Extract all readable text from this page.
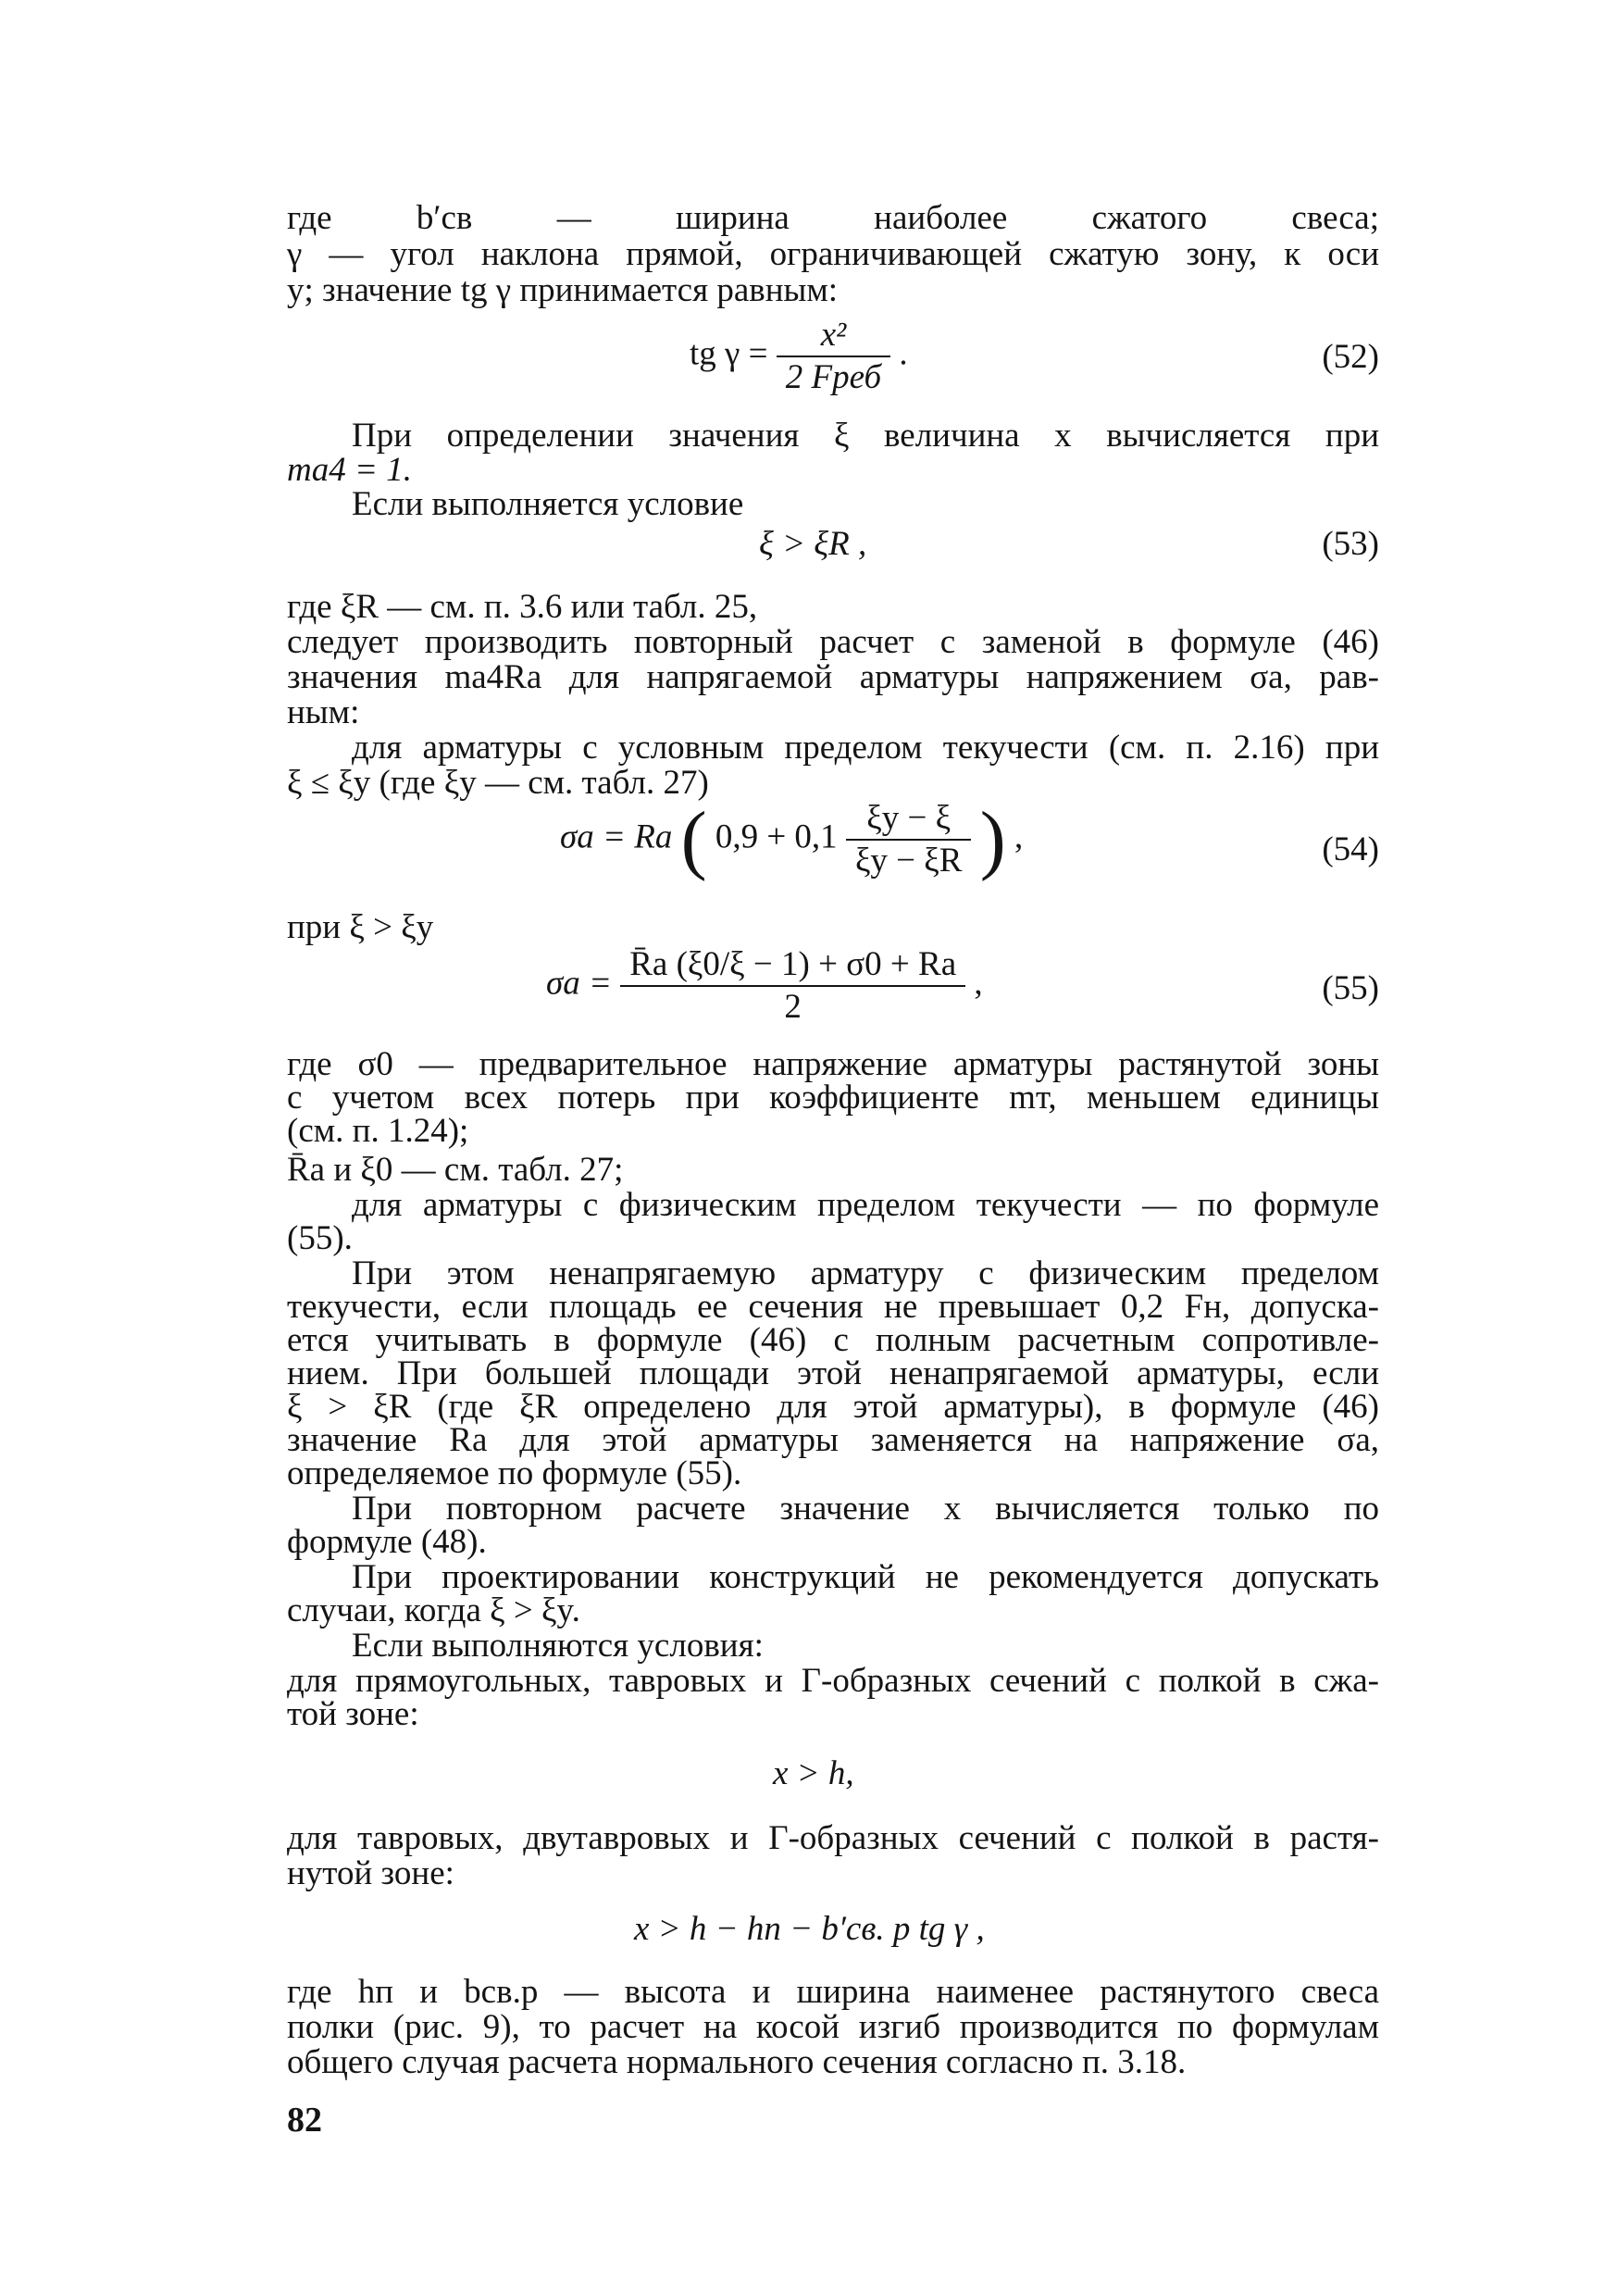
где b′св — ширина наиболее сжатого свеса;
γ — угол наклона прямой, ограничивающей сжатую зону, к оси
y; значение tg γ принимается равным:
tg $\gamma = \frac{\text{x²}}{\text{2 Fреб}}$ .	(52)
При определении значения ξ величина x вычисляется при
ma4 = 1.
Если выполняется условие
ξ > ξR ,	(53)
где ξR — см. п. 3.6 или табл. 25,
следует производить повторный расчет с заменой в формуле (46)
значения ma4Ra для напрягаемой арматуры напряжением σa, рав-
ным:
для арматуры с условным пределом текучести (см. п. 2.16) при
ξ ≤ ξy (где ξy — см. табл. 27)
σa = Ra ( $0,9 + 0,1 \frac{\xi y - \xi}{\xi y - \xi R}$ ) ,	(54)
при ξ > ξy
$\sigma a = \frac{R̄a (\xi 0/\xi - 1) + \sigma 0 + Ra}{2}$ ,	(55)
где σ0 — предварительное напряжение арматуры растянутой зоны
с учетом всех потерь при коэффициенте mт, меньшем единицы
(см. п. 1.24);
R̄a и ξ0 — см. табл. 27;
для арматуры с физическим пределом текучести — по формуле
(55).
При этом ненапрягаемую арматуру с физическим пределом
текучести, если площадь ее сечения не превышает 0,2 Fн, допуска-
ется учитывать в формуле (46) с полным расчетным сопротивле-
нием. При большей площади этой ненапрягаемой арматуры, если
ξ > ξR (где ξR определено для этой арматуры), в формуле (46)
значение Ra для этой арматуры заменяется на напряжение σa,
определяемое по формуле (55).
При повторном расчете значение x вычисляется только по
формуле (48).
При проектировании конструкций не рекомендуется допускать
случаи, когда ξ > ξy.
Если выполняются условия:
для прямоугольных, тавровых и Г-образных сечений с полкой в сжа-
той зоне:
x > h,
для тавровых, двутавровых и Г-образных сечений с полкой в растя-
нутой зоне:
x > h − hп − b′св. р tg γ ,
где hп и bсв.р — высота и ширина наименее растянутого свеса
полки (рис. 9), то расчет на косой изгиб производится по формулам
общего случая расчета нормального сечения согласно п. 3.18.
82
